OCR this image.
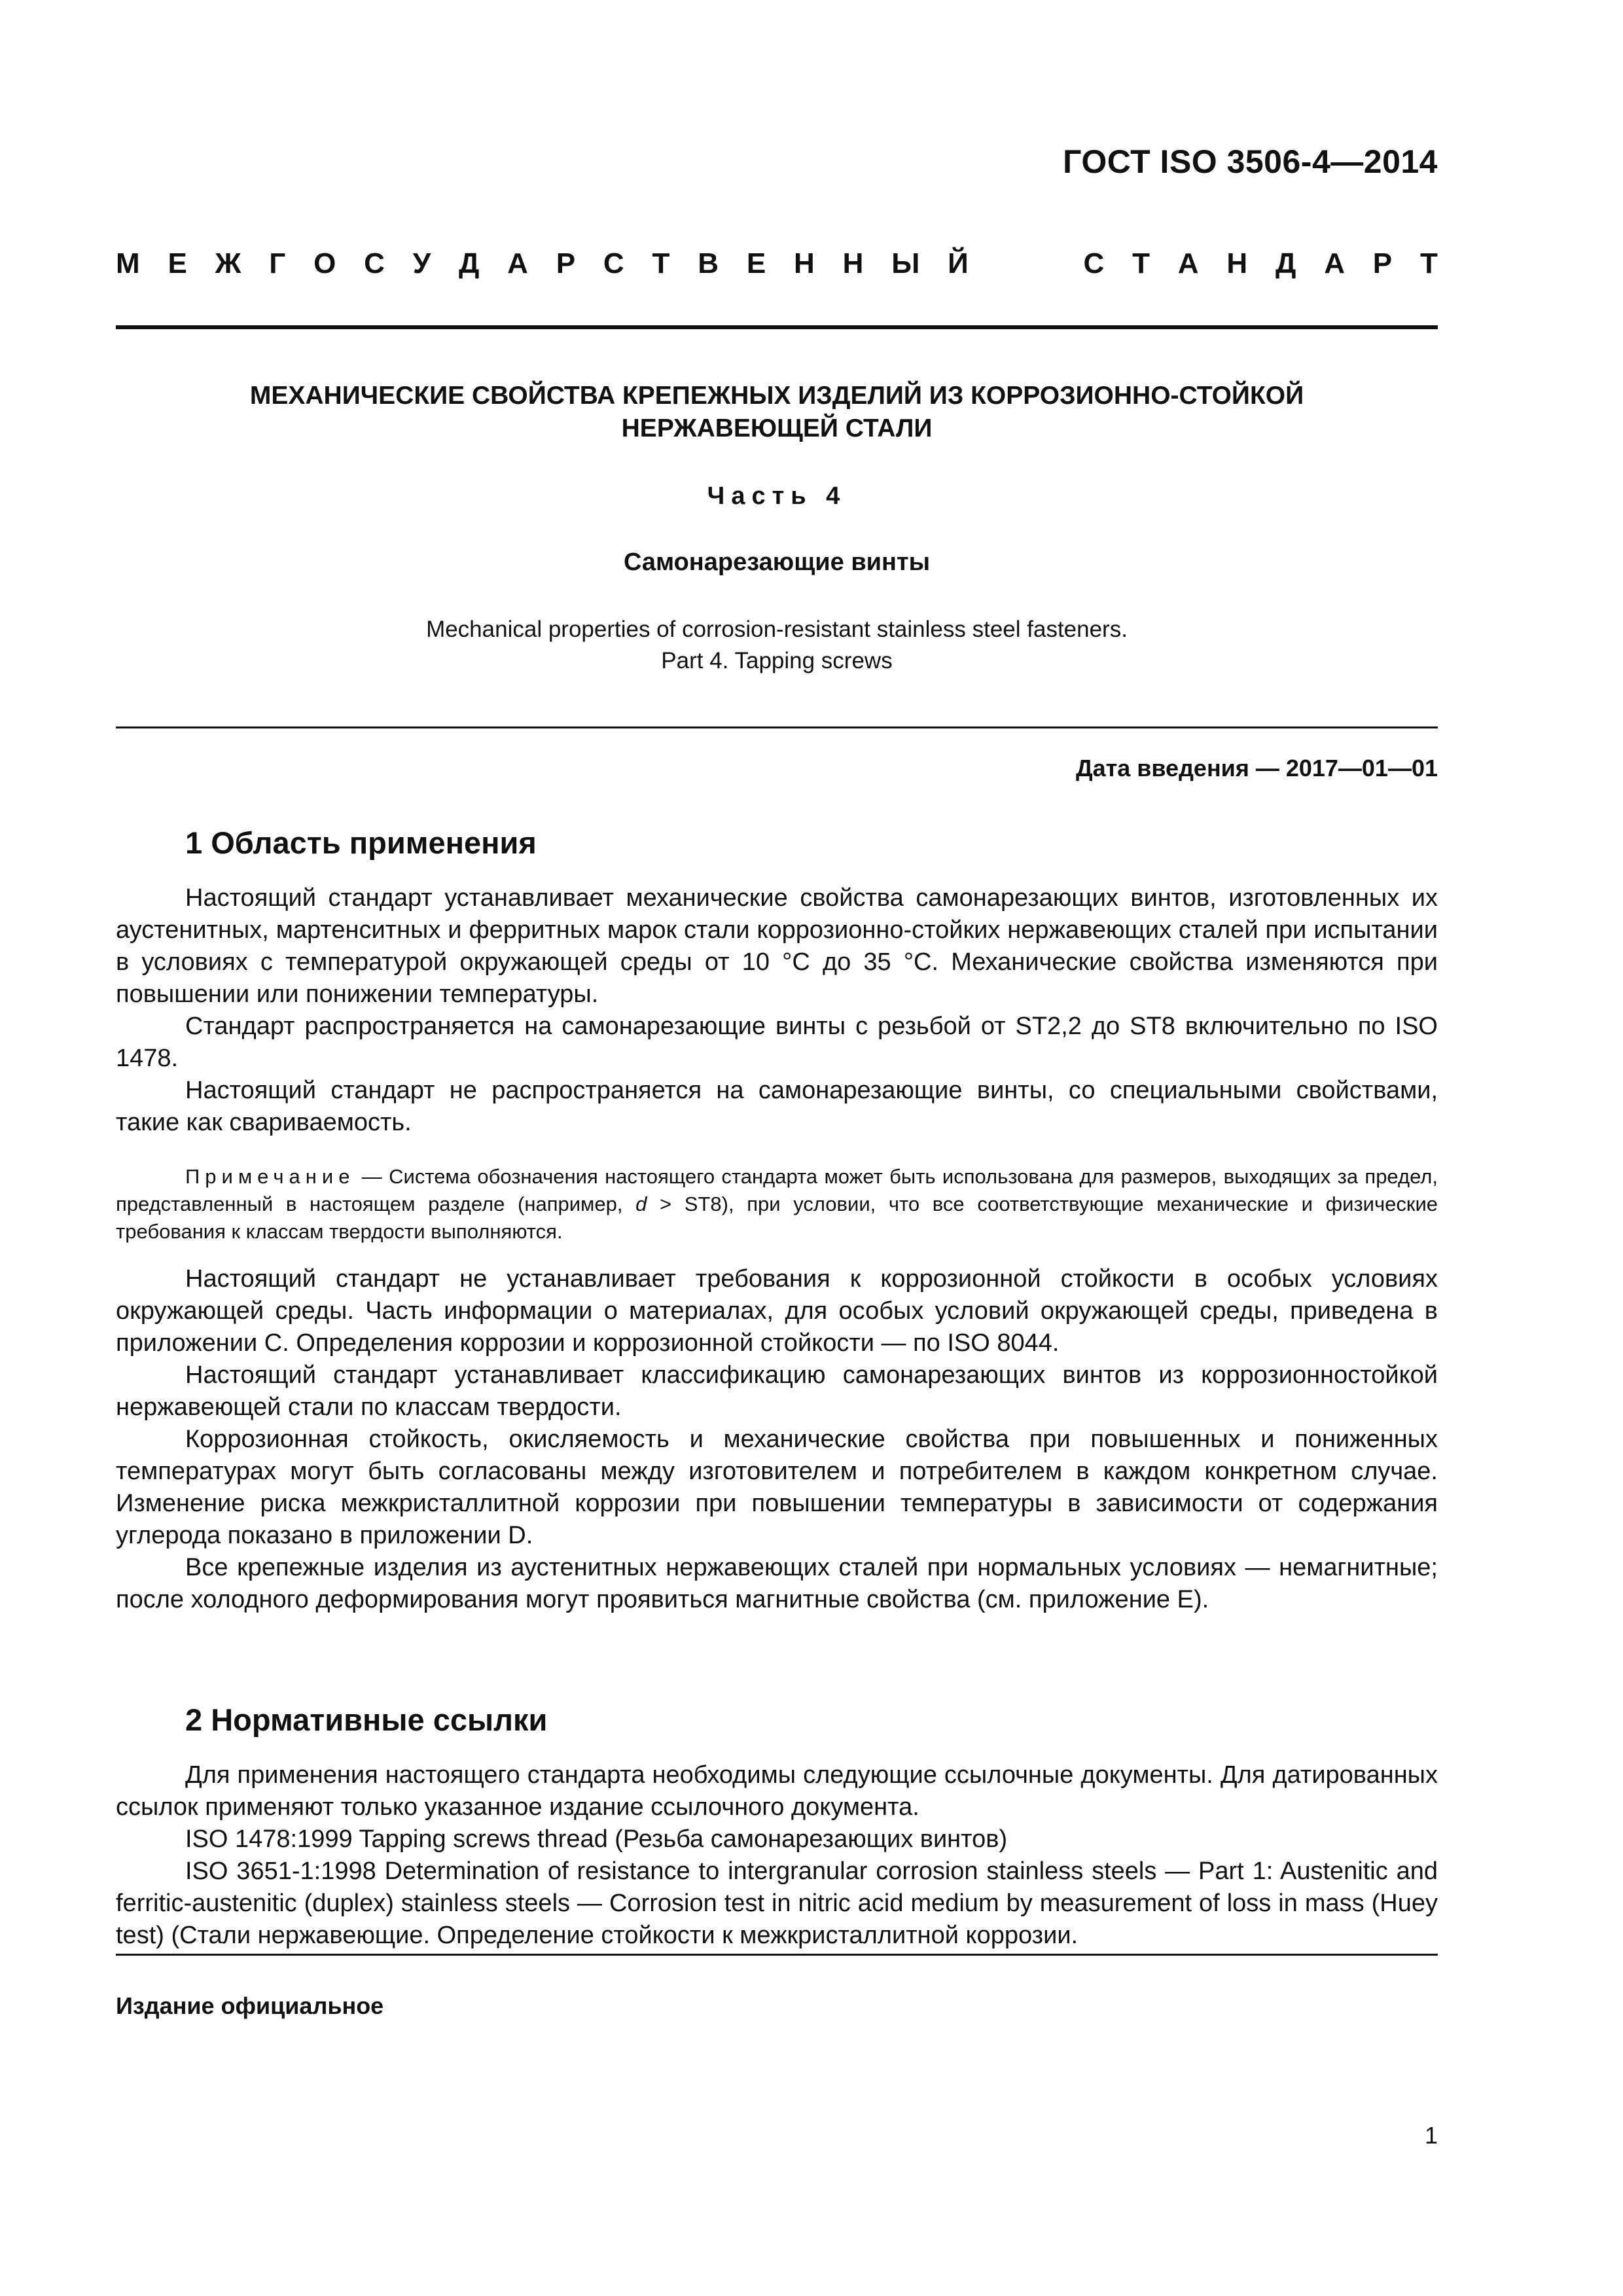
ГОСТ ISO 3506-4—2014
М Е Ж Г О С У Д А Р С Т В Е Н Н Ы Й	С Т А Н Д А Р Т
МЕХАНИЧЕСКИЕ СВОЙСТВА КРЕПЕЖНЫХ ИЗДЕЛИЙ ИЗ КОРРОЗИОННО-СТОЙКОЙ
НЕРЖАВЕЮЩЕЙ СТАЛИ
Часть 4
Самонарезающие винты
Mechanical properties of corrosion-resistant stainless steel fasteners.
Part 4. Tapping screws
Дата введения — 2017—01—01
1 Область применения

Настоящий стандарт устанавливает механические свойства самонарезающих винтов, изготовленных их аустенитных, мартенситных и ферритных марок стали коррозионно-стойких нержавеющих сталей при испытании в условиях с температурой окружающей среды от 10 °С до 35 °С. Механические свойства изменяются при повышении или понижении температуры.

Стандарт распространяется на самонарезающие винты с резьбой от ST2,2 до ST8 включительно по ISO 1478.

Настоящий стандарт не распространяется на самонарезающие винты, со специальными свойствами, такие как свариваемость.

Примечание — Система обозначения настоящего стандарта может быть использована для размеров, выходящих за предел, представленный в настоящем разделе (например, d > ST8), при условии, что все соответствующие механические и физические требования к классам твердости выполняются.

Настоящий стандарт не устанавливает требования к коррозионной стойкости в особых условиях окружающей среды. Часть информации о материалах, для особых условий окружающей среды, приведена в приложении С. Определения коррозии и коррозионной стойкости — по ISO 8044.

Настоящий стандарт устанавливает классификацию самонарезающих винтов из коррозионностойкой нержавеющей стали по классам твердости.

Коррозионная стойкость, окисляемость и механические свойства при повышенных и пониженных температурах могут быть согласованы между изготовителем и потребителем в каждом конкретном случае. Изменение риска межкристаллитной коррозии при повышении температуры в зависимости от содержания углерода показано в приложении D.

Все крепежные изделия из аустенитных нержавеющих сталей при нормальных условиях — немагнитные; после холодного деформирования могут проявиться магнитные свойства (см. приложение Е).

2 Нормативные ссылки

Для применения настоящего стандарта необходимы следующие ссылочные документы. Для датированных ссылок применяют только указанное издание ссылочного документа.

ISO 1478:1999 Tapping screws thread (Резьба самонарезающих винтов)

ISO 3651-1:1998 Determination of resistance to intergranular corrosion stainless steels — Part 1: Austenitic and ferritic-austenitic (duplex) stainless steels — Corrosion test in nitric acid medium by measurement of loss in mass (Huey test) (Стали нержавеющие. Определение стойкости к межкристаллитной коррозии.

Издание официальное
1
